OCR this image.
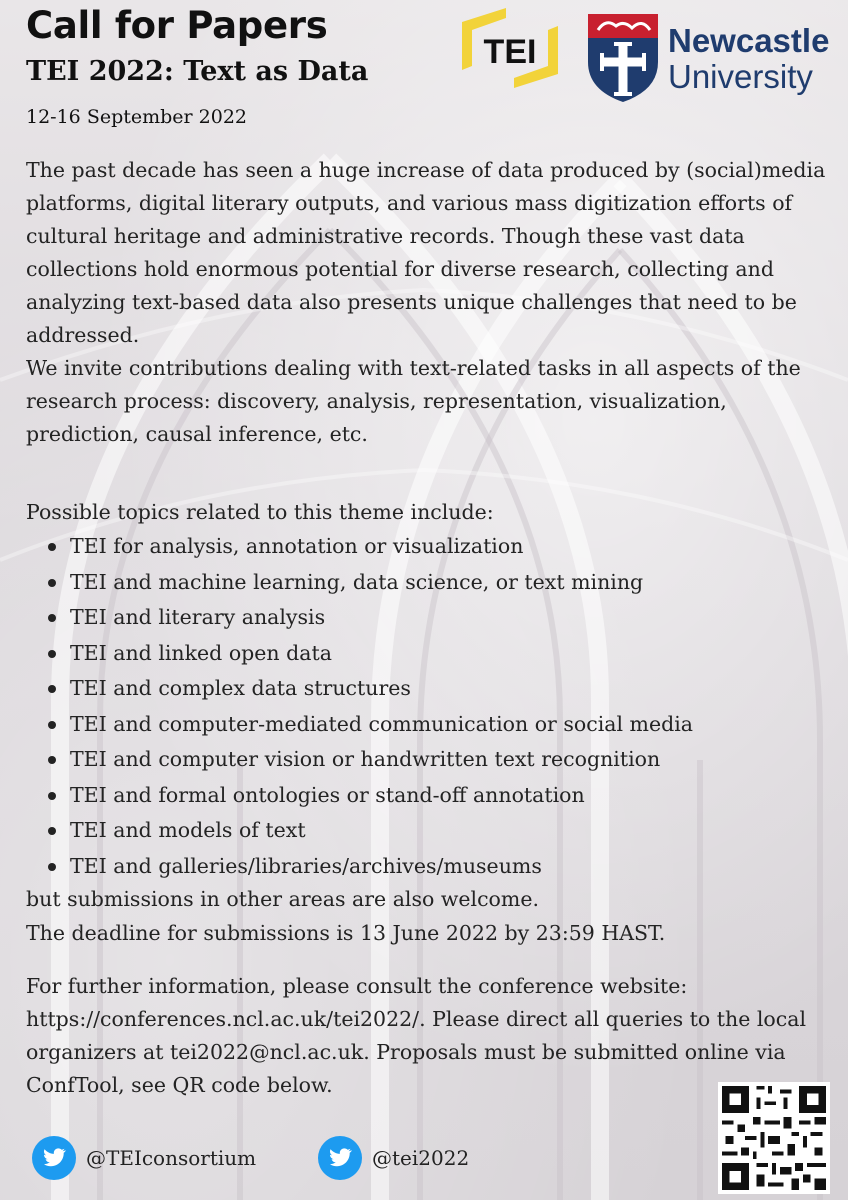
Call for Papers
TEI 2022: Text as Data

12-16 September 2022

TEI	Newcastle
University

The past decade has seen a huge increase of data produced by (social)media platforms, digital literary outputs, and various mass digitization efforts of cultural heritage and administrative records. Though these vast data collections hold enormous potential for diverse research, collecting and analyzing text-based data also presents unique challenges that need to be addressed.
We invite contributions dealing with text-related tasks in all aspects of the research process: discovery, analysis, representation, visualization, prediction, causal inference, etc.

Possible topics related to this theme include:

TEI for analysis, annotation or visualization
TEI and machine learning, data science, or text mining
TEI and literary analysis
TEI and linked open data
TEI and complex data structures
TEI and computer-mediated communication or social media
TEI and computer vision or handwritten text recognition
TEI and formal ontologies or stand-off annotation
TEI and models of text
TEI and galleries/libraries/archives/museums

but submissions in other areas are also welcome.
The deadline for submissions is 13 June 2022 by 23:59 HAST.

For further information, please consult the conference website: https://conferences.ncl.ac.uk/tei2022/. Please direct all queries to the local organizers at tei2022@ncl.ac.uk. Proposals must be submitted online via ConfTool, see QR code below.

@TEIconsortium	@tei2022
